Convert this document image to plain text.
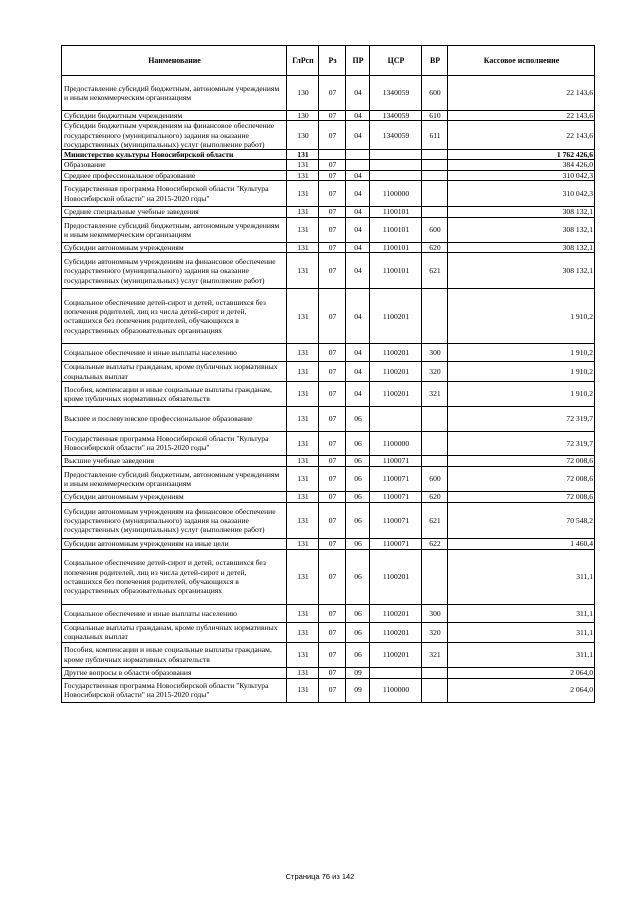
Наименование	ГлРсп	Рз	ПР	ЦСР	ВР	Кассовое исполнение
Предоставление субсидий бюджетным, автономным учреждениям и иным некоммерческим организациям	130	07	04	1340059	600	22 143,6
Субсидии бюджетным учреждениям	130	07	04	1340059	610	22 143,6
Субсидии бюджетным учреждениям на финансовое обеспечение государственного (муниципального) задания на оказание государственных (муниципальных) услуг (выполнение работ)	130	07	04	1340059	611	22 143,6
Министерство культуры Новосибирской области	131					1 762 426,6
Образование	131	07				384 426,0
Среднее профессиональное образование	131	07	04			310 042,3
Государственная программа Новосибирской области "Культура Новосибирской области" на 2015-2020 годы"	131	07	04	1100000		310 042,3
Средние специальные учебные заведения	131	07	04	1100101		308 132,1
Предоставление субсидий бюджетным, автономным учреждениям и иным некоммерческим организациям	131	07	04	1100101	600	308 132,1
Субсидии автономным учреждениям	131	07	04	1100101	620	308 132,1
Субсидии автономным учреждениям на финансовое обеспечение государственного (муниципального) задания на оказание государственных (муниципальных) услуг (выполнение работ)	131	07	04	1100101	621	308 132,1
Социальное обеспечение детей-сирот и детей, оставшихся без попечения родителей, лиц из числа детей-сирот и детей, оставшихся без попечения родителей, обучающихся в государственных образовательных организациях	131	07	04	1100201		1 910,2
Социальное обеспечение и иные выплаты населению	131	07	04	1100201	300	1 910,2
Социальные выплаты гражданам, кроме публичных нормативных социальных выплат	131	07	04	1100201	320	1 910,2
Пособия, компенсации и иные социальные выплаты гражданам, кроме публичных нормативных обязательств	131	07	04	1100201	321	1 910,2
Высшее и послевузовское профессиональное образование	131	07	06			72 319,7
Государственная программа Новосибирской области "Культура Новосибирской области" на 2015-2020 годы"	131	07	06	1100000		72 319,7
Высшие учебные заведения	131	07	06	1100071		72 008,6
Предоставление субсидий бюджетным, автономным учреждениям и иным некоммерческим организациям	131	07	06	1100071	600	72 008,6
Субсидии автономным учреждениям	131	07	06	1100071	620	72 008,6
Субсидии автономным учреждениям на финансовое обеспечение государственного (муниципального) задания на оказание государственных (муниципальных) услуг (выполнение работ)	131	07	06	1100071	621	70 548,2
Субсидии автономным учреждениям на иные цели	131	07	06	1100071	622	1 460,4
Социальное обеспечение детей-сирот и детей, оставшихся без попечения родителей, лиц из числа детей-сирот и детей, оставшихся без попечения родителей, обучающихся в государственных образовательных организациях	131	07	06	1100201		311,1
Социальное обеспечение и иные выплаты населению	131	07	06	1100201	300	311,1
Социальные выплаты гражданам, кроме публичных нормативных социальных выплат	131	07	06	1100201	320	311,1
Пособия, компенсации и иные социальные выплаты гражданам, кроме публичных нормативных обязательств	131	07	06	1100201	321	311,1
Другие вопросы в области образования	131	07	09			2 064,0
Государственная программа Новосибирской области "Культура Новосибирской области" на 2015-2020 годы"	131	07	09	1100000		2 064,0
Страница 76 из 142
